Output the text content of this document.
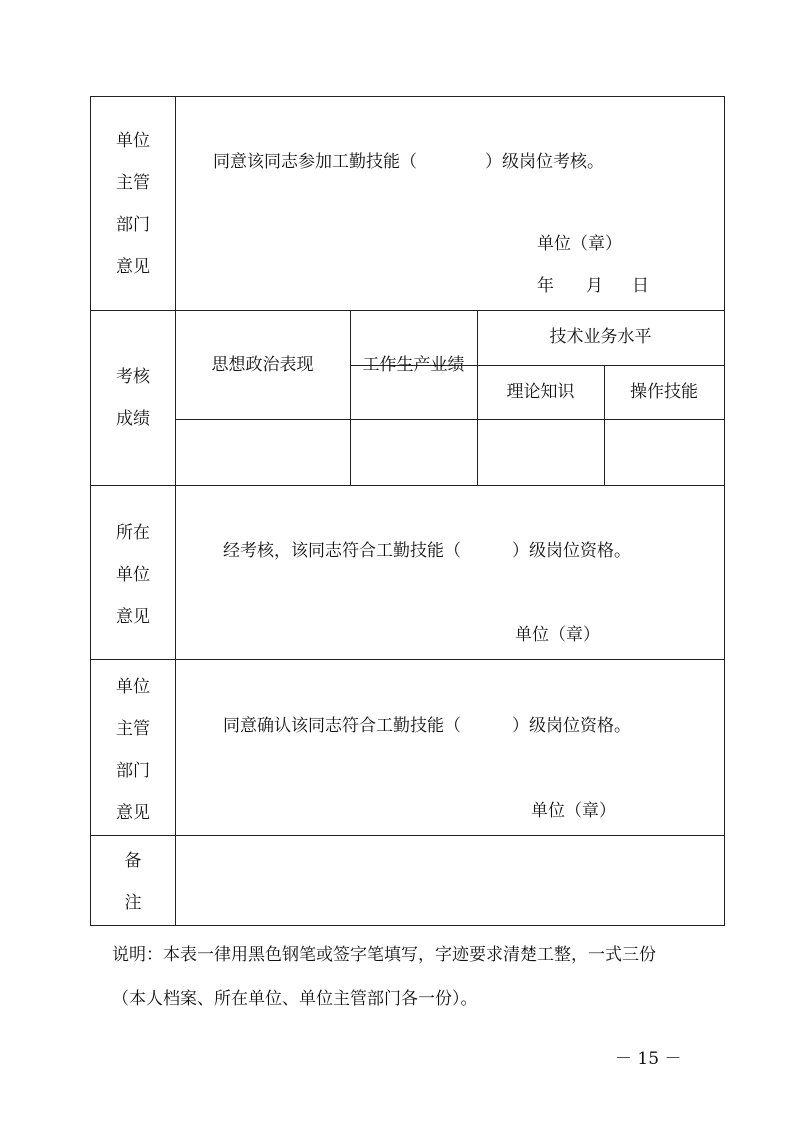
单位
主管
部门
意见
同意该同志参加工勤技能（　　　　）级岗位考核。
单位（章）
年 月 日
考核
成绩
思想政治表现	工作生产业绩
技术业务水平
理论知识	操作技能
所在
单位
意见
经考核，该同志符合工勤技能（　　　）级岗位资格。
单位（章）
单位
主管
部门
意见
同意确认该同志符合工勤技能（　　　）级岗位资格。
单位（章）
备
注
说明：本表一律用黑色钢笔或签字笔填写，字迹要求清楚工整，一式三份
（本人档案、所在单位、单位主管部门各一份）。
－ 15 －
